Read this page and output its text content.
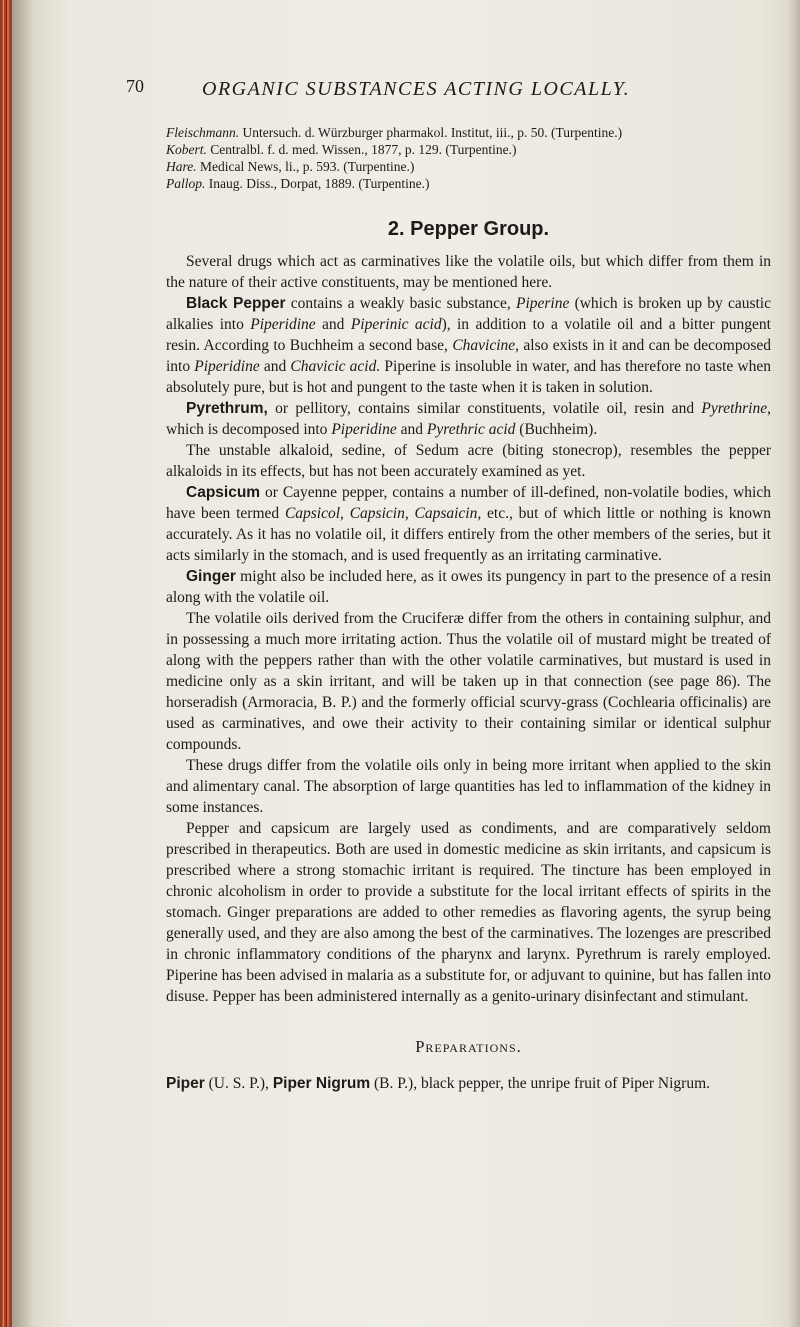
70	ORGANIC SUBSTANCES ACTING LOCALLY.

Fleischmann. Untersuch. d. Würzburger pharmakol. Institut, iii., p. 50. (Turpentine.)

Kobert. Centralbl. f. d. med. Wissen., 1877, p. 129. (Turpentine.)

Hare. Medical News, li., p. 593. (Turpentine.)

Pallop. Inaug. Diss., Dorpat, 1889. (Turpentine.)

2. Pepper Group.

Several drugs which act as carminatives like the volatile oils, but which differ from them in the nature of their active constituents, may be mentioned here.

Black Pepper contains a weakly basic substance, Piperine (which is broken up by caustic alkalies into Piperidine and Piperinic acid), in addition to a volatile oil and a bitter pungent resin. According to Buchheim a second base, Chavicine, also exists in it and can be decomposed into Piperidine and Chavicic acid. Piperine is insoluble in water, and has therefore no taste when absolutely pure, but is hot and pungent to the taste when it is taken in solution.

Pyrethrum, or pellitory, contains similar constituents, volatile oil, resin and Pyrethrine, which is decomposed into Piperidine and Pyrethric acid (Buchheim).

The unstable alkaloid, sedine, of Sedum acre (biting stonecrop), resembles the pepper alkaloids in its effects, but has not been accurately examined as yet.

Capsicum or Cayenne pepper, contains a number of ill-defined, non-volatile bodies, which have been termed Capsicol, Capsicin, Capsaicin, etc., but of which little or nothing is known accurately. As it has no volatile oil, it differs entirely from the other members of the series, but it acts similarly in the stomach, and is used frequently as an irritating carminative.

Ginger might also be included here, as it owes its pungency in part to the presence of a resin along with the volatile oil.

The volatile oils derived from the Cruciferæ differ from the others in containing sulphur, and in possessing a much more irritating action. Thus the volatile oil of mustard might be treated of along with the peppers rather than with the other volatile carminatives, but mustard is used in medicine only as a skin irritant, and will be taken up in that connection (see page 86). The horseradish (Armoracia, B. P.) and the formerly official scurvy-grass (Cochlearia officinalis) are used as carminatives, and owe their activity to their containing similar or identical sulphur compounds.

These drugs differ from the volatile oils only in being more irritant when applied to the skin and alimentary canal. The absorption of large quantities has led to inflammation of the kidney in some instances.

Pepper and capsicum are largely used as condiments, and are comparatively seldom prescribed in therapeutics. Both are used in domestic medicine as skin irritants, and capsicum is prescribed where a strong stomachic irritant is required. The tincture has been employed in chronic alcoholism in order to provide a substitute for the local irritant effects of spirits in the stomach. Ginger preparations are added to other remedies as flavoring agents, the syrup being generally used, and they are also among the best of the carminatives. The lozenges are prescribed in chronic inflammatory conditions of the pharynx and larynx. Pyrethrum is rarely employed. Piperine has been advised in malaria as a substitute for, or adjuvant to quinine, but has fallen into disuse. Pepper has been administered internally as a genito-urinary disinfectant and stimulant.

Preparations.

Piper (U. S. P.), Piper Nigrum (B. P.), black pepper, the unripe fruit of Piper Nigrum.
